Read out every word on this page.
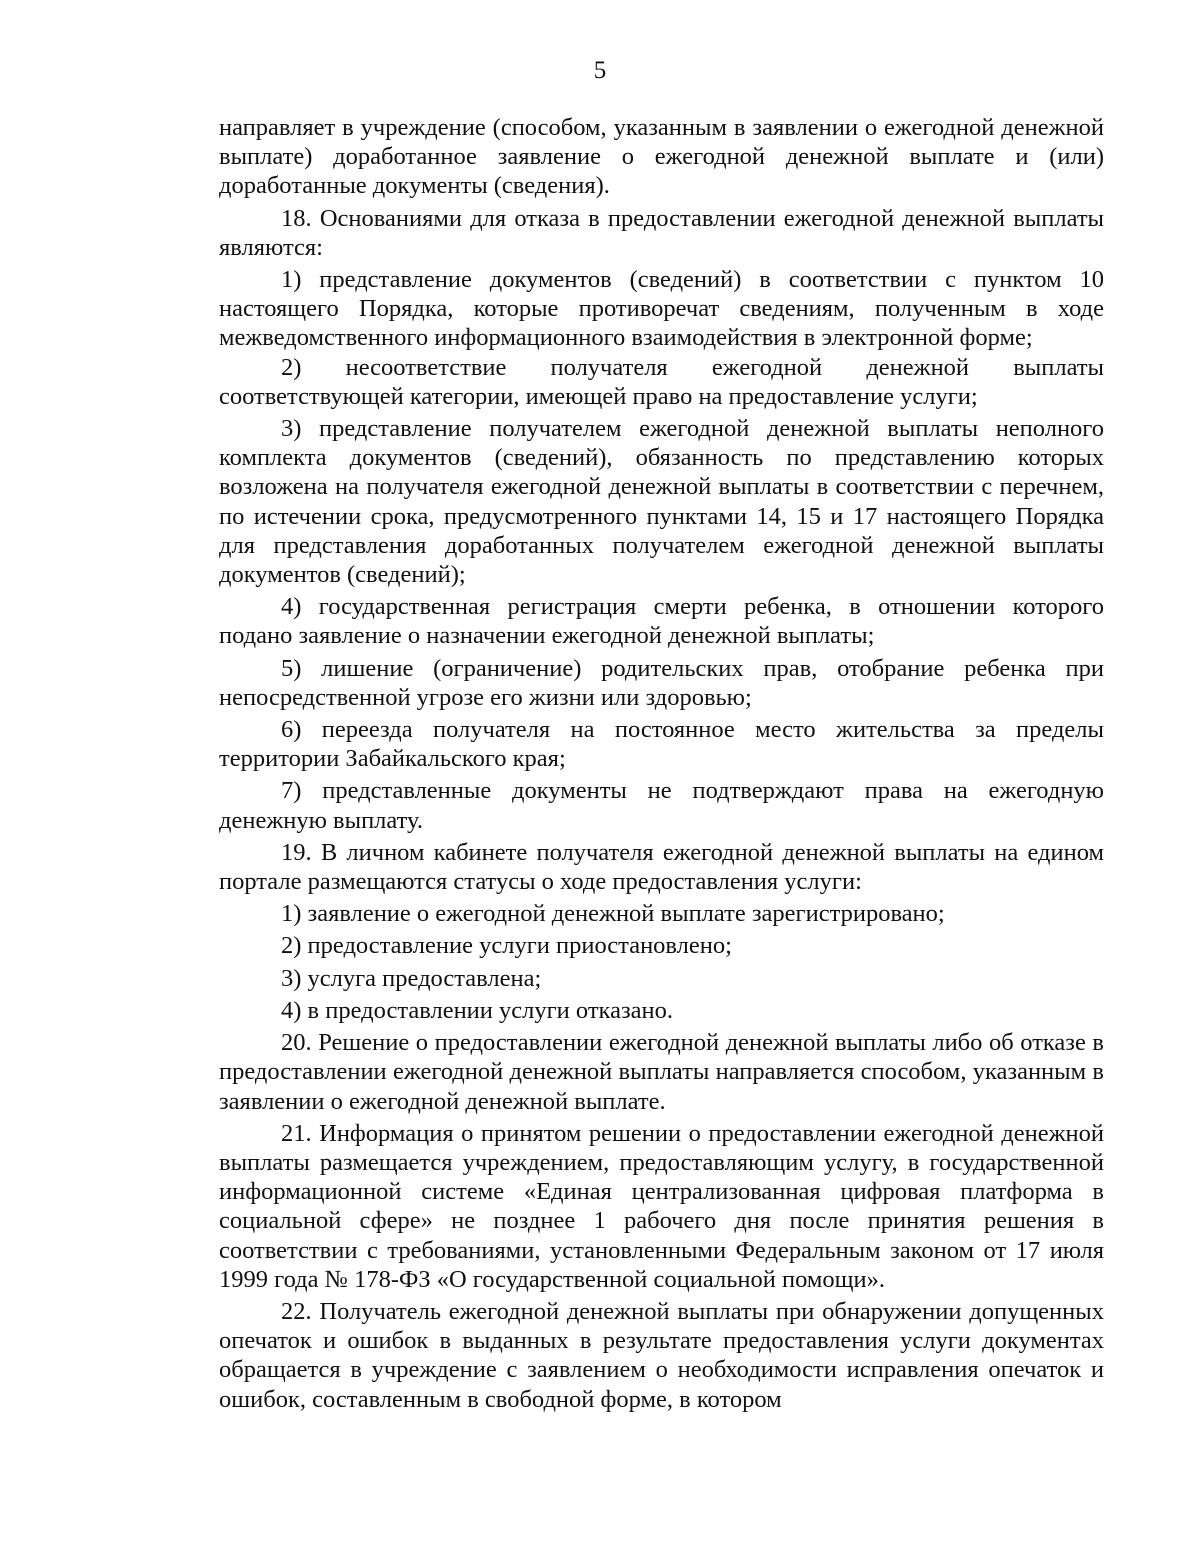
5

направляет в учреждение (способом, указанным в заявлении о ежегодной денежной выплате) доработанное заявление о ежегодной денежной выплате и (или) доработанные документы (сведения).

18. Основаниями для отказа в предоставлении ежегодной денежной выплаты являются:

1) представление документов (сведений) в соответствии с пунктом 10 настоящего Порядка, которые противоречат сведениям, полученным в ходе межведомственного информационного взаимодействия в электронной форме;

2) несоответствие получателя ежегодной денежной выплаты соответствующей категории, имеющей право на предоставление услуги;

3) представление получателем ежегодной денежной выплаты неполного комплекта документов (сведений), обязанность по представлению которых возложена на получателя ежегодной денежной выплаты в соответствии с перечнем, по истечении срока, предусмотренного пунктами 14, 15 и 17 настоящего Порядка для представления доработанных получателем ежегодной денежной выплаты документов (сведений);

4) государственная регистрация смерти ребенка, в отношении которого подано заявление о назначении ежегодной денежной выплаты;

5) лишение (ограничение) родительских прав, отобрание ребенка при непосредственной угрозе его жизни или здоровью;

6) переезда получателя на постоянное место жительства за пределы территории Забайкальского края;

7) представленные документы не подтверждают права на ежегодную денежную выплату.

19. В личном кабинете получателя ежегодной денежной выплаты на едином портале размещаются статусы о ходе предоставления услуги:

1) заявление о ежегодной денежной выплате зарегистрировано;

2) предоставление услуги приостановлено;

3) услуга предоставлена;

4) в предоставлении услуги отказано.

20. Решение о предоставлении ежегодной денежной выплаты либо об отказе в предоставлении ежегодной денежной выплаты направляется способом, указанным в заявлении о ежегодной денежной выплате.

21. Информация о принятом решении о предоставлении ежегодной денежной выплаты размещается учреждением, предоставляющим услугу, в государственной информационной системе «Единая централизованная цифровая платформа в социальной сфере» не позднее 1 рабочего дня после принятия решения в соответствии с требованиями, установленными Федеральным законом от 17 июля 1999 года № 178-ФЗ «О государственной социальной помощи».

22. Получатель ежегодной денежной выплаты при обнаружении допущенных опечаток и ошибок в выданных в результате предоставления услуги документах обращается в учреждение с заявлением о необходимости исправления опечаток и ошибок, составленным в свободной форме, в котором
